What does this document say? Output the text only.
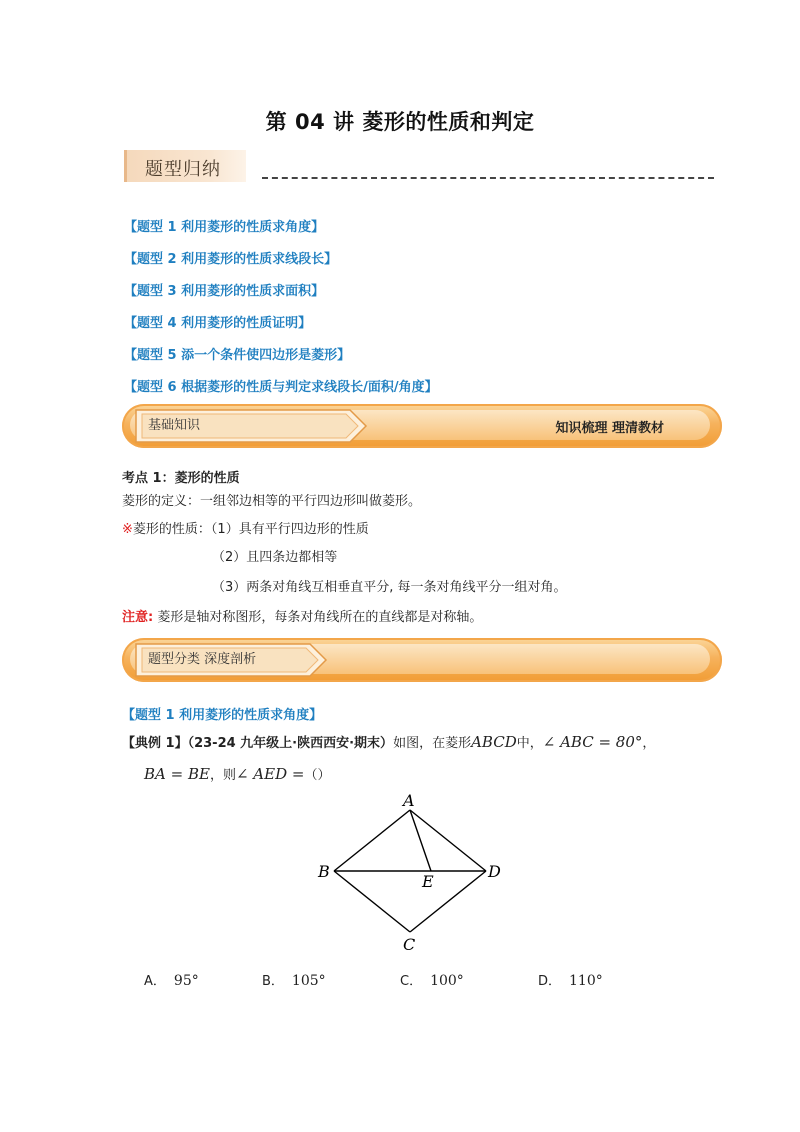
第 04 讲 菱形的性质和判定
题型归纳
【题型 1 利用菱形的性质求角度】
【题型 2 利用菱形的性质求线段长】
【题型 3 利用菱形的性质求面积】
【题型 4 利用菱形的性质证明】
【题型 5 添一个条件使四边形是菱形】
【题型 6 根据菱形的性质与判定求线段长/面积/角度】
基础知识	知识梳理 理清教材
考点 1：菱形的性质
菱形的定义：一组邻边相等的平行四边形叫做菱形。
※菱形的性质：（1）具有平行四边形的性质
（2）且四条边都相等
（3）两条对角线互相垂直平分, 每一条对角线平分一组对角。
注意: 菱形是轴对称图形，每条对角线所在的直线都是对称轴。
题型分类 深度剖析
【题型 1 利用菱形的性质求角度】
【典例 1】（23-24 九年级上·陕西西安·期末）如图，在菱形ABCD中，∠ ABC = 80°，
BA = BE，则∠ AED =（）
A
B
C
D
E
A． 95°	B． 105°	C． 100°	D． 110°
